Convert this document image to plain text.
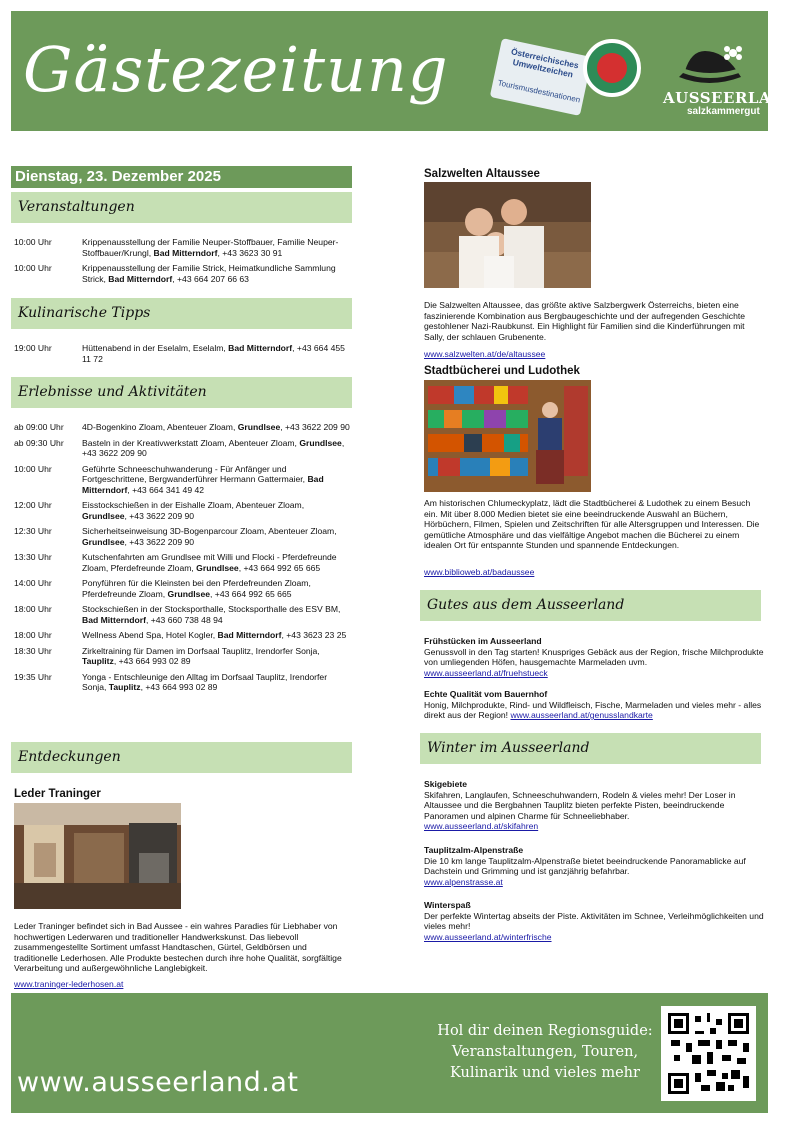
Gästezeitung	Österreichisches Umweltzeichen
Tourismusdestinationen	AUSSEERLAND
salzkammergut
Dienstag, 23. Dezember 2025
Veranstaltungen
10:00 Uhr	Krippenausstellung der Familie Neuper-Stoffbauer, Familie Neuper-Stoffbauer/Krungl, Bad Mitterndorf, +43 3623 30 91
10:00 Uhr	Krippenausstellung der Familie Strick, Heimatkundliche Sammlung Strick, Bad Mitterndorf, +43 664 207 66 63
Kulinarische Tipps
19:00 Uhr	Hüttenabend in der Eselalm, Eselalm, Bad Mitterndorf, +43 664 455 11 72
Erlebnisse und Aktivitäten
ab 09:00 Uhr	4D-Bogenkino Zloam, Abenteuer Zloam, Grundlsee, +43 3622 209 90
ab 09:30 Uhr	Basteln in der Kreativwerkstatt Zloam, Abenteuer Zloam, Grundlsee, +43 3622 209 90
10:00 Uhr	Geführte Schneeschuhwanderung - Für Anfänger und Fortgeschrittene, Bergwanderführer Hermann Gattermaier, Bad Mitterndorf, +43 664 341 49 42
12:00 Uhr	Eisstockschießen in der Eishalle Zloam, Abenteuer Zloam, Grundlsee, +43 3622 209 90
12:30 Uhr	Sicherheitseinweisung 3D-Bogenparcour Zloam, Abenteuer Zloam, Grundlsee, +43 3622 209 90
13:30 Uhr	Kutschenfahrten am Grundlsee mit Willi und Flocki - Pferdefreunde Zloam, Pferdefreunde Zloam, Grundlsee, +43 664 992 65 665
14:00 Uhr	Ponyführen für die Kleinsten bei den Pferdefreunden Zloam, Pferdefreunde Zloam, Grundlsee, +43 664 992 65 665
18:00 Uhr	Stockschießen in der Stocksporthalle, Stocksporthalle des ESV BM, Bad Mitterndorf, +43 660 738 48 94
18:00 Uhr	Wellness Abend Spa, Hotel Kogler, Bad Mitterndorf, +43 3623 23 25
18:30 Uhr	Zirkeltraining für Damen im Dorfsaal Tauplitz, Irendorfer Sonja, Tauplitz, +43 664 993 02 89
19:35 Uhr	Yonga - Entschleunige den Alltag im Dorfsaal Tauplitz, Irendorfer Sonja, Tauplitz, +43 664 993 02 89
Entdeckungen
Leder Traninger
Leder Traninger befindet sich in Bad Aussee - ein wahres Paradies für Liebhaber von hochwertigen Lederwaren und traditioneller Handwerkskunst. Das liebevoll zusammengestellte Sortiment umfasst Handtaschen, Gürtel, Geldbörsen und traditionelle Lederhosen. Alle Produkte bestechen durch ihre hohe Qualität, sorgfältige Verarbeitung und außergewöhnliche Langlebigkeit.
www.traninger-lederhosen.at
Salzwelten Altaussee
Die Salzwelten Altaussee, das größte aktive Salzbergwerk Österreichs, bieten eine faszinierende Kombination aus Bergbaugeschichte und der aufregenden Geschichte gestohlener Nazi-Raubkunst. Ein Highlight für Familien sind die Kinderführungen mit Sally, der schlauen Grubenente.
www.salzwelten.at/de/altaussee
Stadtbücherei und Ludothek
Am historischen Chlumeckyplatz, lädt die Stadtbücherei & Ludothek zu einem Besuch ein. Mit über 8.000 Medien bietet sie eine beeindruckende Auswahl an Büchern, Hörbüchern, Filmen, Spielen und Zeitschriften für alle Altersgruppen und Interessen. Die gemütliche Atmosphäre und das vielfältige Angebot machen die Bücherei zu einem idealen Ort für entspannte Stunden und spannende Entdeckungen.
www.biblioweb.at/badaussee
Gutes aus dem Ausseerland
Frühstücken im Ausseerland
Genussvoll in den Tag starten! Knuspriges Gebäck aus der Region, frische Milchprodukte von umliegenden Höfen, hausgemachte Marmeladen uvm.
www.ausseerland.at/fruehstueck
Echte Qualität vom Bauernhof
Honig, Milchprodukte, Rind- und Wildfleisch, Fische, Marmeladen und vieles mehr - alles direkt aus der Region! www.ausseerland.at/genusslandkarte
Winter im Ausseerland
Skigebiete
Skifahren, Langlaufen, Schneeschuhwandern, Rodeln & vieles mehr! Der Loser in Altaussee und die Bergbahnen Tauplitz bieten perfekte Pisten, beeindruckende Panoramen und alpinen Charme für Schneeliebhaber.
www.ausseerland.at/skifahren
Tauplitzalm-Alpenstraße
Die 10 km lange Tauplitzalm-Alpenstraße bietet beeindruckende Panoramablicke auf Dachstein und Grimming und ist ganzjährig befahrbar.
www.alpenstrasse.at
Winterspaß
Der perfekte Wintertag abseits der Piste. Aktivitäten im Schnee, Verleihmöglichkeiten und vieles mehr!
www.ausseerland.at/winterfrische
www.ausseerland.at
Hol dir deinen Regionsguide:
Veranstaltungen, Touren,
Kulinarik und vieles mehr
